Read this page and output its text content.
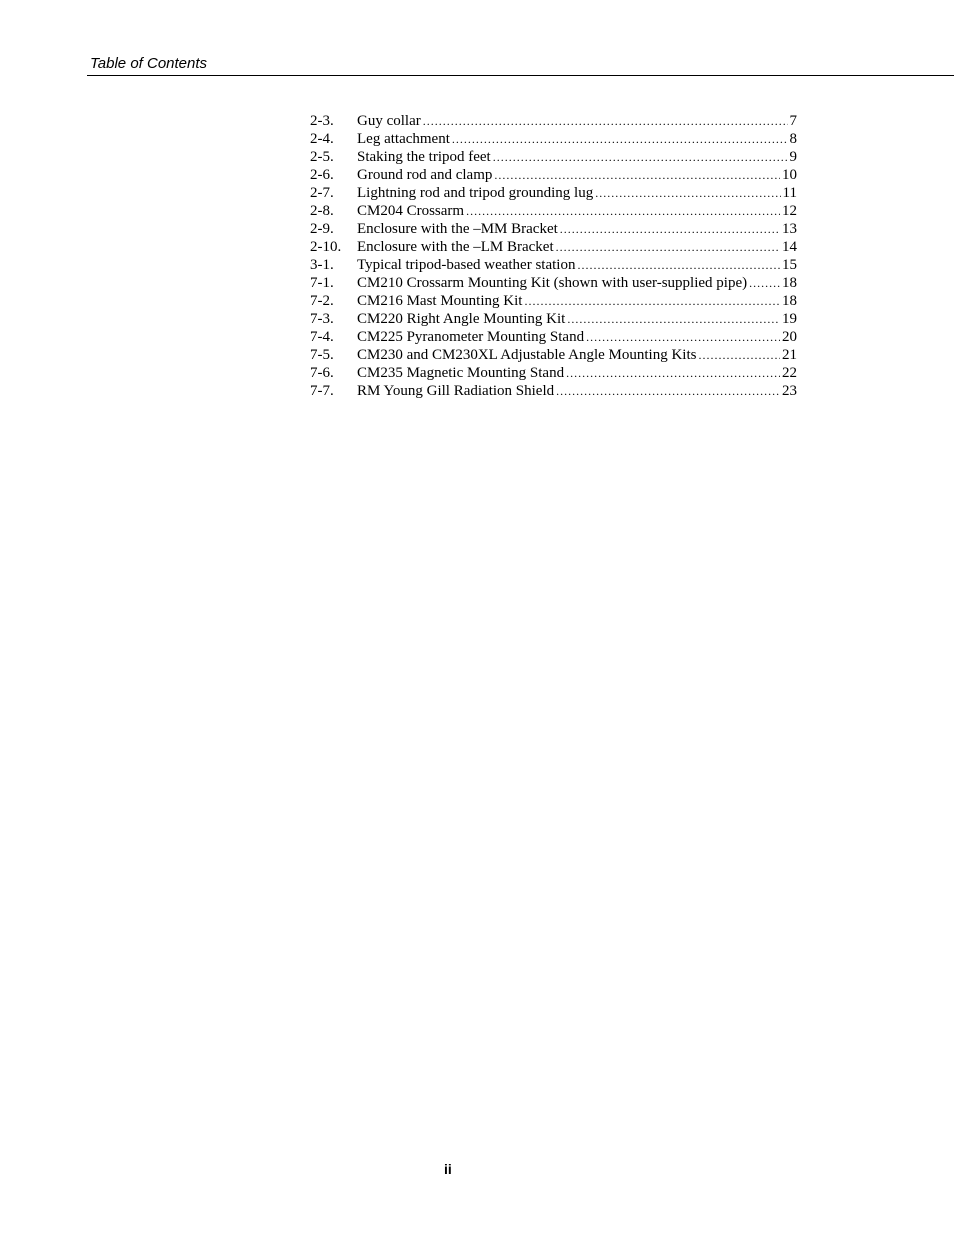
Table of Contents
2-3.	Guy collar .....	7
2-4.	Leg attachment .....	8
2-5.	Staking the tripod feet .....	9
2-6.	Ground rod and clamp .....	10
2-7.	Lightning rod and tripod grounding lug .....	11
2-8.	CM204 Crossarm .....	12
2-9.	Enclosure with the –MM Bracket .....	13
2-10.	Enclosure with the –LM Bracket .....	14
3-1.	Typical tripod-based weather station .....	15
7-1.	CM210 Crossarm Mounting Kit (shown with user-supplied pipe) ..... 18
7-2.	CM216 Mast Mounting Kit .....	18
7-3.	CM220 Right Angle Mounting Kit .....	19
7-4.	CM225 Pyranometer Mounting Stand .....	20
7-5.	CM230 and CM230XL Adjustable Angle Mounting Kits .....	21
7-6.	CM235 Magnetic Mounting Stand .....	22
7-7.	RM Young Gill Radiation Shield .....	23
ii
